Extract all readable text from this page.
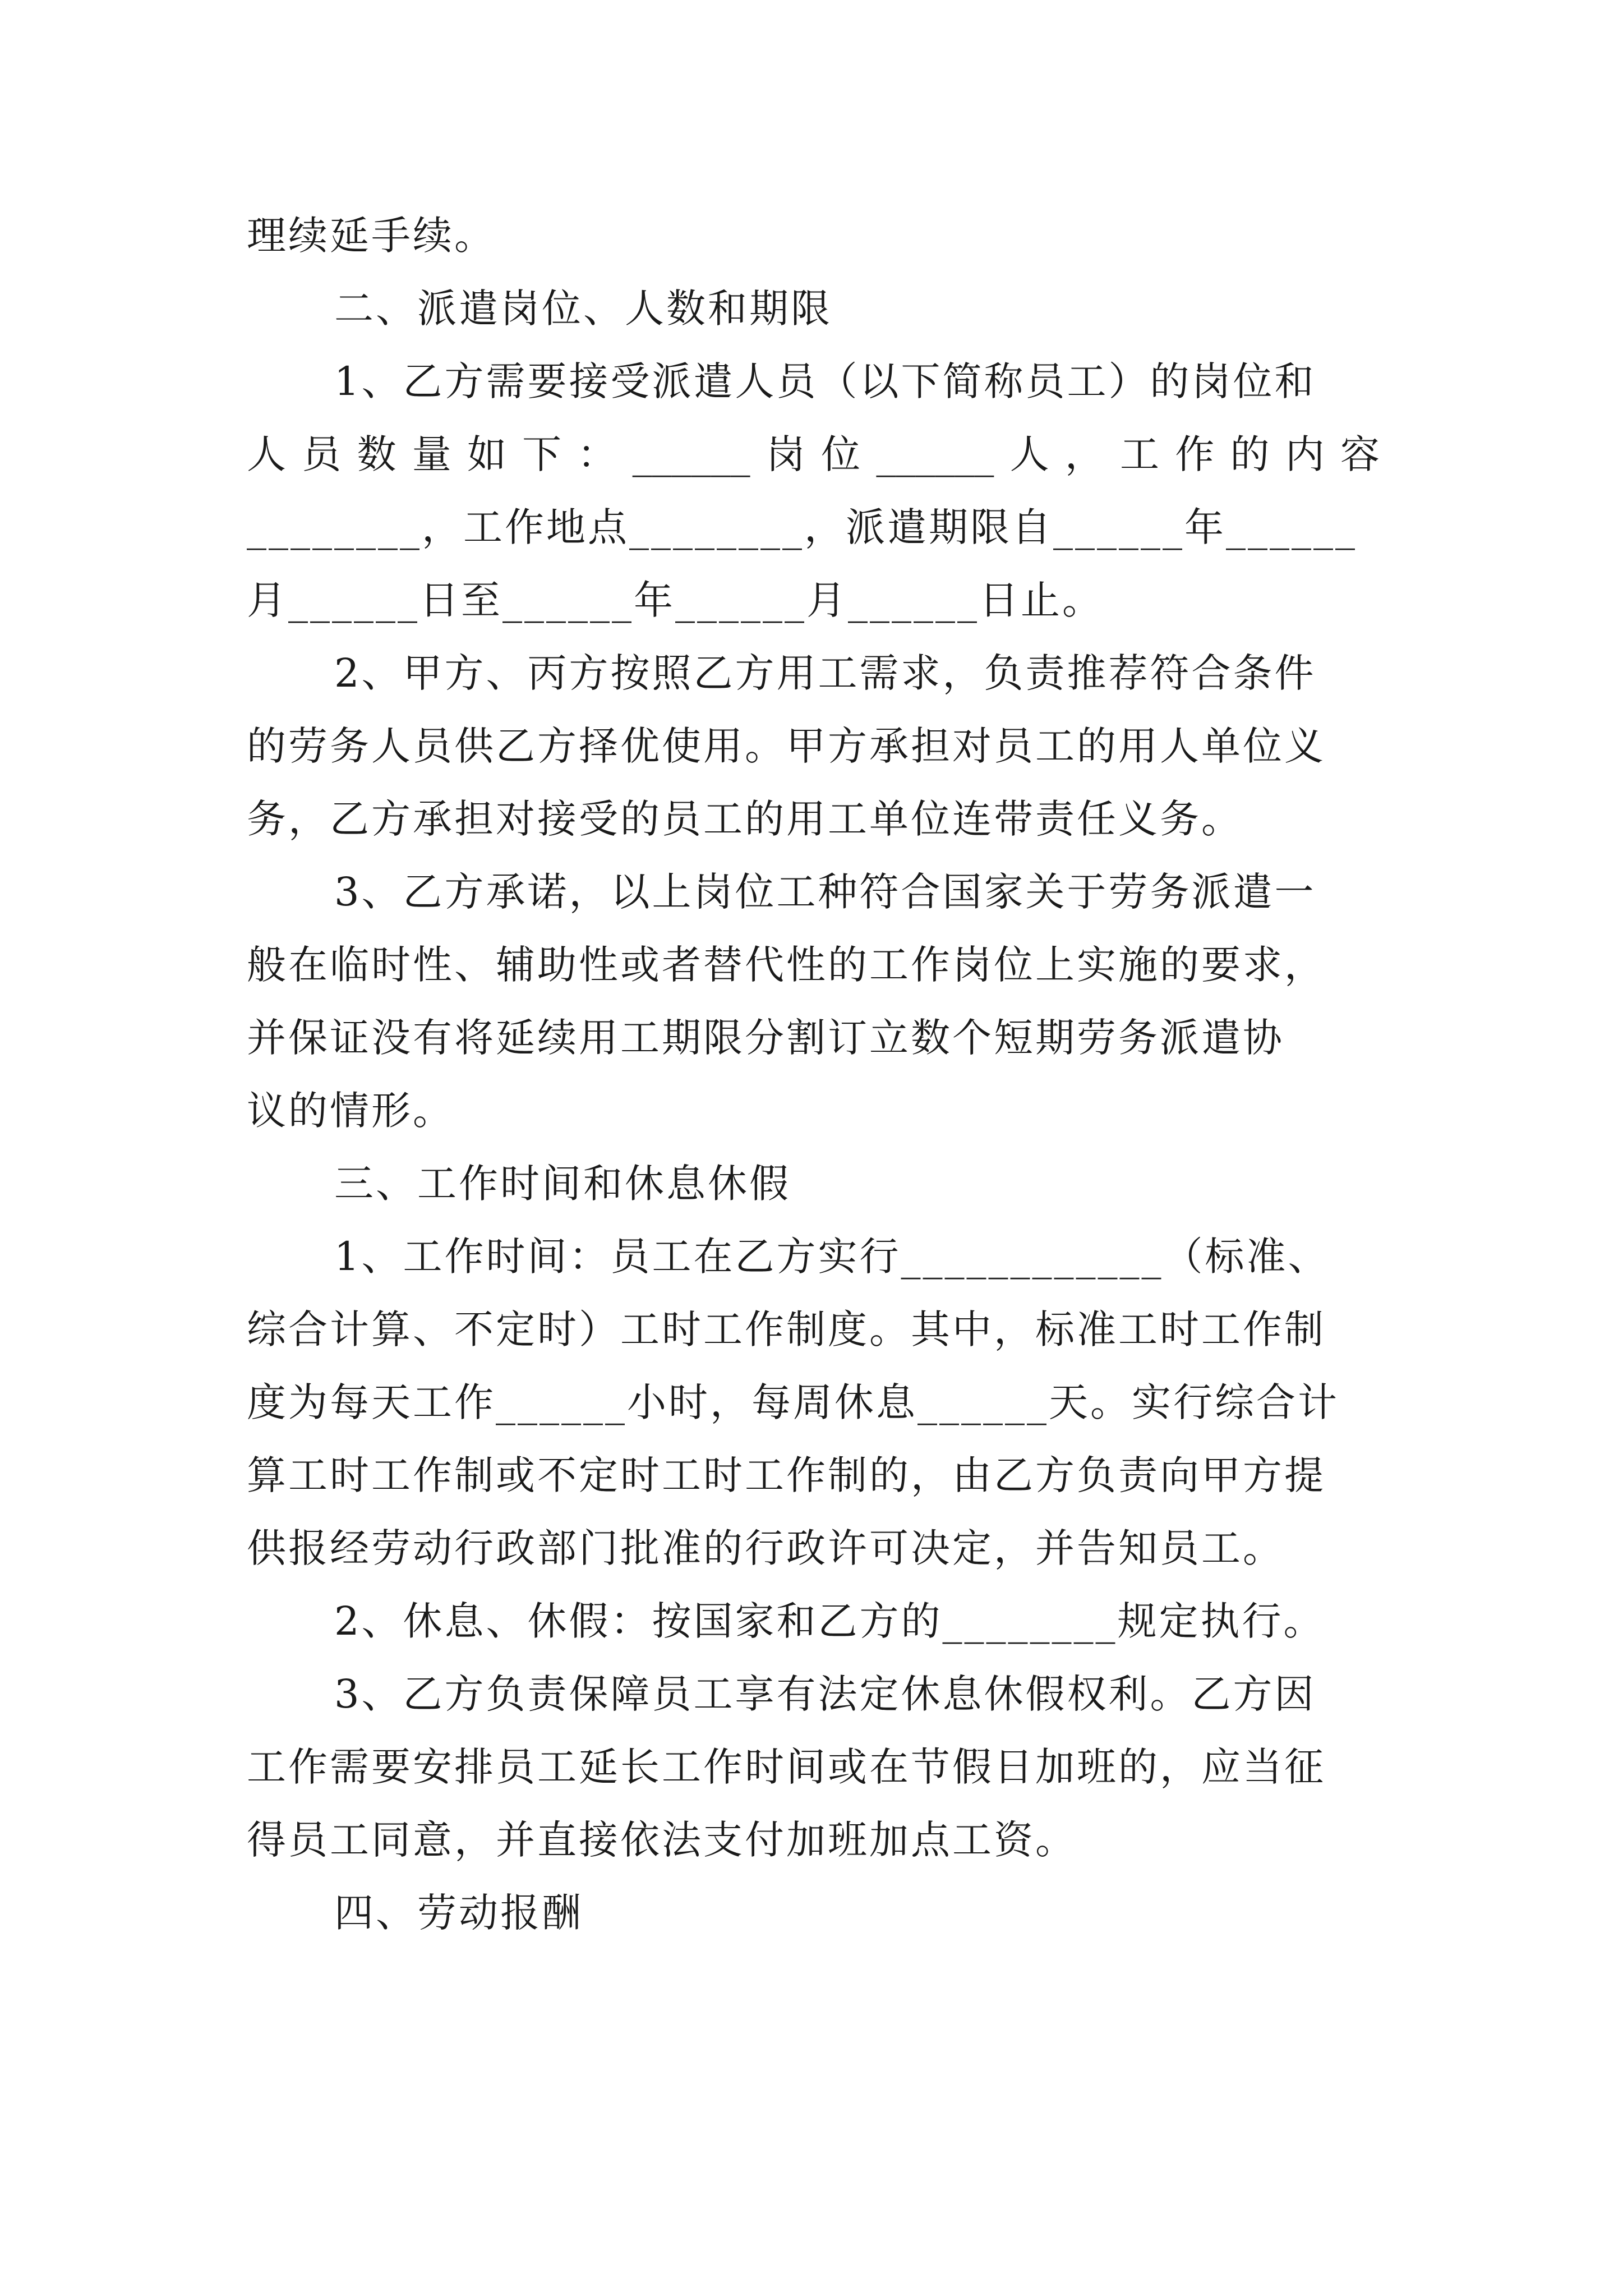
理续延手续。
二、派遣岗位、人数和期限
1、乙方需要接受派遣人员（以下简称员工）的岗位和
人 员 数 量 如 下 ： ______ 岗 位 ______ 人 ， 工 作 的 内 容
________，工作地点________，派遣期限自______年______
月______日至______年______月______日止。
2、甲方、丙方按照乙方用工需求，负责推荐符合条件
的劳务人员供乙方择优使用。甲方承担对员工的用人单位义
务，乙方承担对接受的员工的用工单位连带责任义务。
3、乙方承诺，以上岗位工种符合国家关于劳务派遣一
般在临时性、辅助性或者替代性的工作岗位上实施的要求，
并保证没有将延续用工期限分割订立数个短期劳务派遣协
议的情形。
三、工作时间和休息休假
1、工作时间：员工在乙方实行____________（标准、
综合计算、不定时）工时工作制度。其中，标准工时工作制
度为每天工作______小时，每周休息______天。实行综合计
算工时工作制或不定时工时工作制的，由乙方负责向甲方提
供报经劳动行政部门批准的行政许可决定，并告知员工。
2、休息、休假：按国家和乙方的________规定执行。
3、乙方负责保障员工享有法定休息休假权利。乙方因
工作需要安排员工延长工作时间或在节假日加班的，应当征
得员工同意，并直接依法支付加班加点工资。
四、劳动报酬
